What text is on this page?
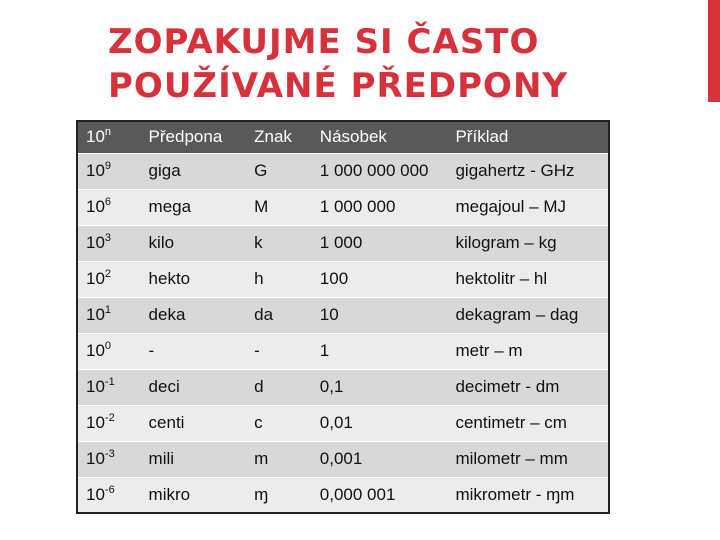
ZOPAKUJME SI ČASTO
POUŽÍVANÉ PŘEDPONY
10$^n$	Předpona	Znak	Násobek	Příklad
$10^9$	giga	G	1 000 000 000	gigahertz - GHz
$10^6$	mega	M	1 000 000	megajoul – MJ
$10^3$	kilo	k	1 000	kilogram – kg
$10^2$	hekto	h	100	hektolitr – hl
$10^1$	deka	da	10	dekagram – dag
$10^0$	-	-	1	metr – m
$10^{-1}$	deci	d	0,1	decimetr - dm
$10^{-2}$	centi	c	0,01	centimetr – cm
$10^{-3}$	mili	m	0,001	milometr – mm
$10^{-6}$	mikro	ɱ	0,000 001	mikrometr - ɱm
